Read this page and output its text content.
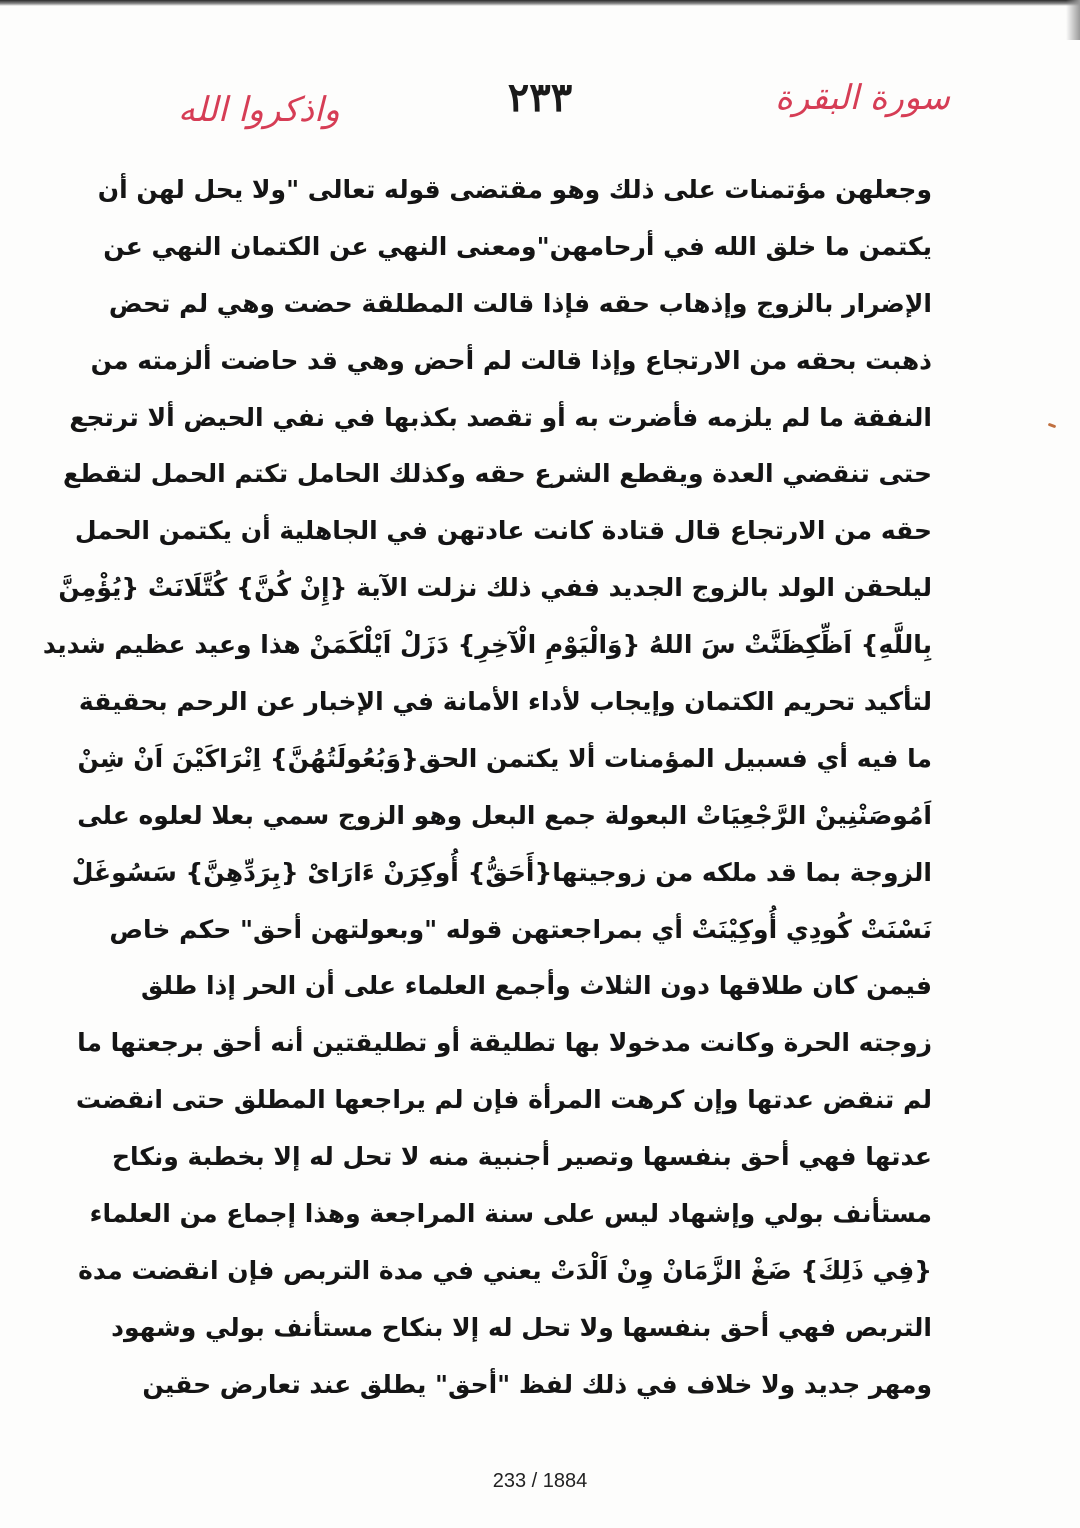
سورة البقرة
٢٣٣
واذكروا الله
وجعلهن مؤتمنات على ذلك وهو مقتضى قوله تعالى "ولا يحل لهن أن
يكتمن ما خلق الله في أرحامهن"ومعنى النهي عن الكتمان النهي عن
الإضرار بالزوج وإذهاب حقه فإذا قالت المطلقة حضت وهي لم تحض
ذهبت بحقه من الارتجاع وإذا قالت لم أحض وهي قد حاضت ألزمته من
النفقة ما لم يلزمه فأضرت به أو تقصد بكذبها في نفي الحيض ألا ترتجع
حتى تنقضي العدة ويقطع الشرع حقه وكذلك الحامل تكتم الحمل لتقطع
حقه من الارتجاع قال قتادة كانت عادتهن في الجاهلية أن يكتمن الحمل
ليلحقن الولد بالزوج الجديد ففي ذلك نزلت الآية {إِنْ كُنَّ} كُتَّلَانَتْ {يُؤْمِنَّ
بِاللَّهِ} اَظِّكِظَنَّتْ سَ اللهُ {وَالْيَوْمِ الْآخِرِ} دَزَلْ اَيْلْكَمَنْ هذا وعيد عظيم شديد
لتأكيد تحريم الكتمان وإيجاب لأداء الأمانة في الإخبار عن الرحم بحقيقة
ما فيه أي فسبيل المؤمنات ألا يكتمن الحق{وَبُعُولَتُهُنَّ} اِنْرَاكَيْنَ اَنْ شِنْ
اَمُوصَنْنِينْ الرَّجْعِيَاتْ البعولة جمع البعل وهو الزوج سمي بعلا لعلوه على
الزوجة بما قد ملكه من زوجيتها{أَحَقُّ} أُوكِرَنْ ءَارَاىْ {بِرَدِّهِنَّ} سَسُوغَلْ
نَسْنَتْ كُودِي أُوكِيْنَتْ أي بمراجعتهن قوله "وبعولتهن أحق" حكم خاص
فيمن كان طلاقها دون الثلاث وأجمع العلماء على أن الحر إذا طلق
زوجته الحرة وكانت مدخولا بها تطليقة أو تطليقتين أنه أحق برجعتها ما
لم تنقض عدتها وإن كرهت المرأة فإن لم يراجعها المطلق حتى انقضت
عدتها فهي أحق بنفسها وتصير أجنبية منه لا تحل له إلا بخطبة ونكاح
مستأنف بولي وإشهاد ليس على سنة المراجعة وهذا إجماع من العلماء
{فِي ذَلِكَ} ضَغْ الزَّمَانْ وِنْ اَلْدَتْ يعني في مدة التربص فإن انقضت مدة
التربص فهي أحق بنفسها ولا تحل له إلا بنكاح مستأنف بولي وشهود
ومهر جديد ولا خلاف في ذلك لفظ "أحق" يطلق عند تعارض حقين
233 / 1884
